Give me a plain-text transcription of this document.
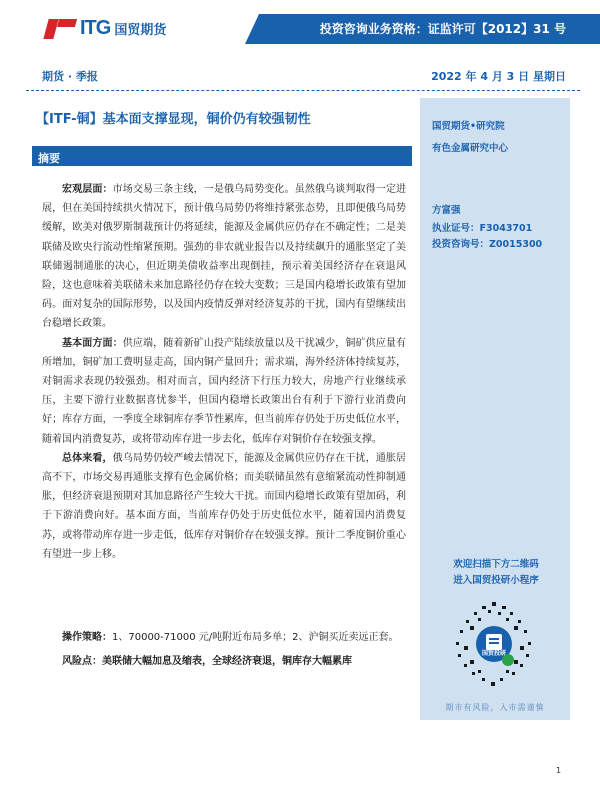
ITG 国贸期货	投资咨询业务资格：证监许可【2012】31 号
期货 · 季报	2022 年 4 月 3 日 星期日
【ITF-铜】基本面支撑显现，铜价仍有较强韧性	国贸期货•研究院
有色金属研究中心
方富强
执业证号：F3043701
投资咨询号：Z0015300
欢迎扫描下方二维码
进入国贸投研小程序
国贸投研
期市有风险，入市需谨慎
摘要

宏观层面：市场交易三条主线，一是俄乌局势变化。虽然俄乌谈判取得一定进展，但在美国持续拱火情况下，预计俄乌局势仍将维持紧张态势，且即便俄乌局势缓解，欧美对俄罗斯制裁预计仍将延续，能源及金属供应仍存在不确定性；二是美联储及欧央行流动性缩紧预期。强劲的非农就业报告以及持续飙升的通胀坚定了美联储遏制通胀的决心，但近期美债收益率出现倒挂，预示着美国经济存在衰退风险，这也意味着美联储未来加息路径仍存在较大变数；三是国内稳增长政策有望加码。面对复杂的国际形势，以及国内疫情反弹对经济复苏的干扰，国内有望继续出台稳增长政策。

基本面方面：供应端，随着新矿山投产陆续放量以及干扰减少，铜矿供应量有所增加，铜矿加工费明显走高，国内铜产量回升；需求端，海外经济体持续复苏，对铜需求表现仍较强劲。相对而言，国内经济下行压力较大，房地产行业继续承压，主要下游行业数据喜忧参半，但国内稳增长政策出台有利于下游行业消费向好；库存方面，一季度全球铜库存季节性累库，但当前库存仍处于历史低位水平，随着国内消费复苏，或将带动库存进一步去化，低库存对铜价存在较强支撑。

总体来看，俄乌局势仍较严峻去情况下，能源及金属供应仍存在干扰，通胀居高不下，市场交易再通胀支撑有色金属价格；而美联储虽然有意缩紧流动性抑制通胀，但经济衰退预期对其加息路径产生较大干扰。而国内稳增长政策有望加码，利于下游消费向好。基本面方面，当前库存仍处于历史低位水平，随着国内消费复苏，或将带动库存进一步走低，低库存对铜价存在较强支撑。预计二季度铜价重心有望进一步上移。

操作策略：1、70000-71000 元/吨附近布局多单；2、沪铜买近卖远正套。
风险点：美联储大幅加息及缩表，全球经济衰退，铜库存大幅累库
1
